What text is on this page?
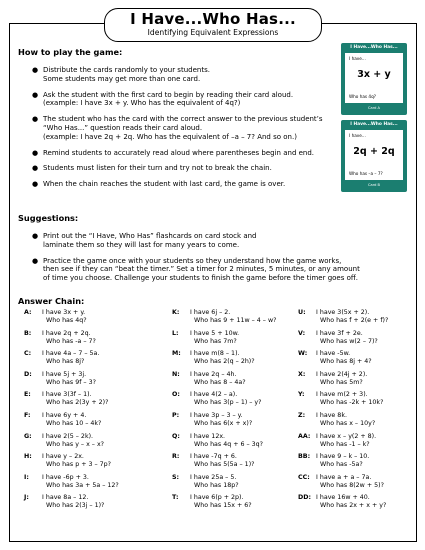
I Have...Who Has...
Identifying Equivalent Expressions
How to play the game:
● Distribute the cards randomly to your students.
Some students may get more than one card.
● Ask the student with the first card to begin by reading their card aloud.
(example: I have 3x + y. Who has the equivalent of 4q?)
● The student who has the card with the correct answer to the previous student’s
“Who Has...” question reads their card aloud.
(example: I have 2q + 2q. Who has the equivalent of –a – 7? And so on.)
● Remind students to accurately read aloud where parentheses begin and end.
● Students must listen for their turn and try not to break the chain.
● When the chain reaches the student with last card, the game is over.
I Have...Who Has...
I have...
3x + y
Who has 4q?
Card A
I Have...Who Has...
I have...
2q + 2q
Who has –a – 7?
Card B
Suggestions:
● Print out the “I Have, Who Has” flashcards on card stock and
laminate them so they will last for many years to come.
● Practice the game once with your students so they understand how the game works,
then see if they can “beat the timer.” Set a timer for 2 minutes, 5 minutes, or any amount
of time you choose. Challenge your students to finish the game before the timer goes off.
Answer Chain:
A: I have 3x + y.
Who has 4q?
B: I have 2q + 2q.
Who has -a – 7?
C: I have 4a – 7 – 5a.
Who has 8j?
D: I have 5j + 3j.
Who has 9f – 3?
E: I have 3(3f – 1).
Who has 2(3y + 2)?
F: I have 6y + 4.
Who has 10 – 4k?
G: I have 2(5 – 2k).
Who has y – x – x?
H: I have y – 2x.
Who has p + 3 – 7p?
I: I have -6p + 3.
Who has 3a + 5a – 12?
J: I have 8a – 12.
Who has 2(3j – 1)?
K: I have 6j – 2.
Who has 9 + 11w – 4 – w?
L: I have 5 + 10w.
Who has 7m?
M: I have m(8 – 1).
Who has 2(q – 2h)?
N: I have 2q – 4h.
Who has 8 – 4a?
O: I have 4(2 – a).
Who has 3(p – 1) – y?
P: I have 3p – 3 – y.
Who has 6(x + x)?
Q: I have 12x.
Who has 4q + 6 – 3q?
R: I have -7q + 6.
Who has 5(5a – 1)?
S: I have 25a – 5.
Who has 18p?
T: I have 6(p + 2p).
Who has 15x + 6?
U: I have 3(5x + 2).
Who has f + 2(e + f)?
V: I have 3f + 2e.
Who has w(2 – 7)?
W: I have -5w.
Who has 8j + 4?
X: I have 2(4j + 2).
Who has 5m?
Y: I have m(2 + 3).
Who has -2k + 10k?
Z: I have 8k.
Who has x – 10y?
AA: I have x – y(2 + 8).
Who has -1 – k?
BB: I have 9 – k – 10.
Who has -5a?
CC: I have a + a – 7a.
Who has 8(2w + 5)?
DD: I have 16w + 40.
Who has 2x + x + y?
